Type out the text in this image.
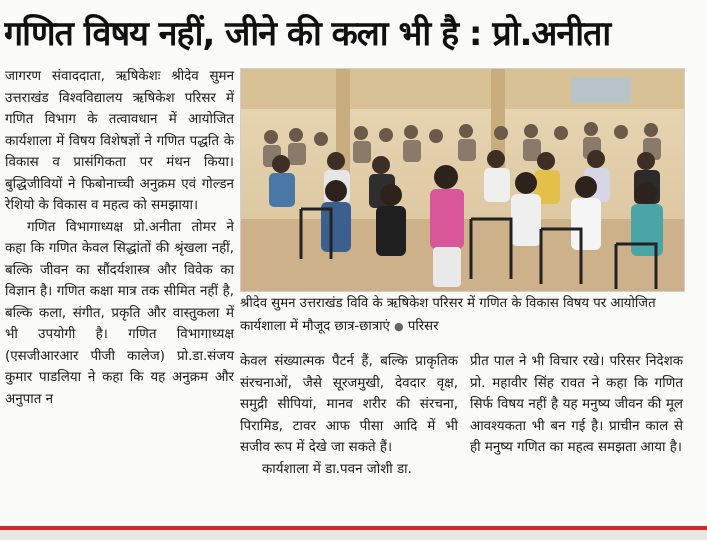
गणित विषय नहीं, जीने की कला भी है : प्रो.अनीता

जागरण संवाददाता, ऋषिकेशः श्रीदेव सुमन उत्तराखंड विश्वविद्यालय ऋषिकेश परिसर में गणित विभाग के तत्वावधान में आयोजित कार्यशाला में विषय विशेषज्ञों ने गणित पद्धति के विकास व प्रासंगिकता पर मंथन किया। बुद्धिजीवियों ने फिबोनाच्ची अनुक्रम एवं गोल्डन रेशियो के विकास व महत्व को समझाया।

गणित विभागाध्यक्ष प्रो.अनीता तोमर ने कहा कि गणित केवल सिद्धांतों की श्रृंखला नहीं, बल्कि जीवन का सौंदर्यशास्त्र और विवेक का विज्ञान है। गणित कक्षा मात्र तक सीमित नहीं है, बल्कि कला, संगीत, प्रकृति और वास्तुकला में भी उपयोगी है। गणित विभागाध्यक्ष (एसजीआरआर पीजी कालेज) प्रो.डा.संजय कुमार पाडलिया ने कहा कि यह अनुक्रम और अनुपात न

श्रीदेव सुमन उत्तराखंड विवि के ऋषिकेश परिसर में गणित के विकास विषय पर आयोजित कार्यशाला में मौजूद छात्र-छात्राएं ● परिसर

केवल संख्यात्मक पैटर्न हैं, बल्कि प्राकृतिक संरचनाओं, जैसे सूरजमुखी, देवदार वृक्ष, समुद्री सीपियां, मानव शरीर की संरचना, पिरामिड, टावर आफ पीसा आदि में भी सजीव रूप में देखे जा सकते हैं।

कार्यशाला में डा.पवन जोशी डा.

प्रीत पाल ने भी विचार रखे। परिसर निदेशक प्रो. महावीर सिंह रावत ने कहा कि गणित सिर्फ विषय नहीं है यह मनुष्य जीवन की मूल आवश्यकता भी बन गई है। प्राचीन काल से ही मनुष्य गणित का महत्व समझता आया है।
